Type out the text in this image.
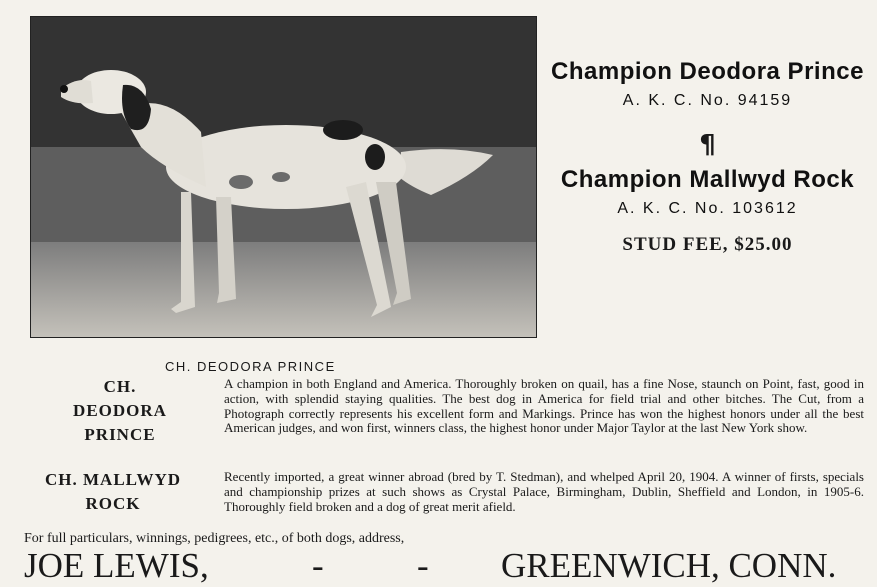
Champion Deodora Prince
A. K. C. No. 94159
¶
Champion Mallwyd Rock
A. K. C. No. 103612
STUD FEE, $25.00
CH. DEODORA PRINCE
CH.
DEODORA
PRINCE
A champion in both England and America. Thoroughly broken on quail, has a fine Nose, staunch on Point, fast, good in action, with splendid staying qualities. The best dog in America for field trial and other bitches. The Cut, from a Photograph correctly represents his excellent form and Markings. Prince has won the highest honors under all the best American judges, and won first, winners class, the highest honor under Major Taylor at the last New York show.
CH. MALLWYD
ROCK
Recently imported, a great winner abroad (bred by T. Stedman), and whelped April 20, 1904. A winner of firsts, specials and championship prizes at such shows as Crystal Palace, Birmingham, Dublin, Sheffield and London, in 1905-6. Thoroughly field broken and a dog of great merit afield.
For full particulars, winnings, pedigrees, etc., of both dogs, address,
JOE LEWIS,	-	- GREENWICH, CONN.
